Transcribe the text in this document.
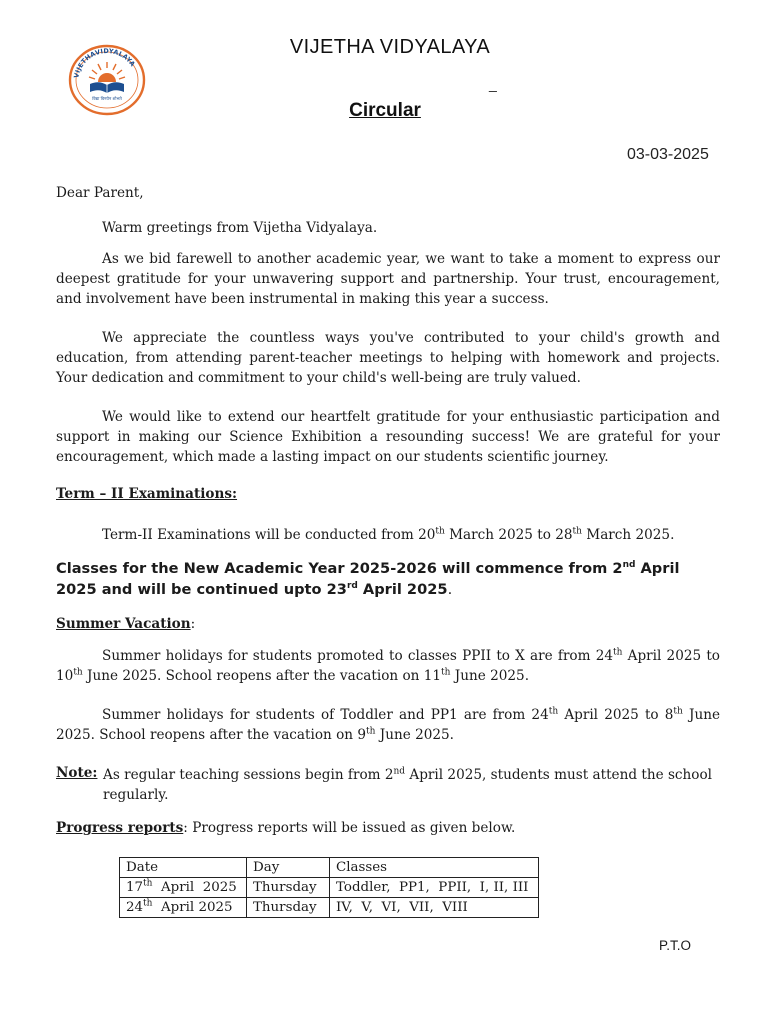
VIJETHAVIDYALAYA
विद्या विनयेन शोभते
VIJETHA VIDYALAYA
_
Circular
03-03-2025
Dear Parent,
Warm greetings from Vijetha Vidyalaya.
As we bid farewell to another academic year, we want to take a moment to express our deepest gratitude for your unwavering support and partnership. Your trust, encouragement, and involvement have been instrumental in making this year a success.
We appreciate the countless ways you've contributed to your child's growth and education, from attending parent-teacher meetings to helping with homework and projects. Your dedication and commitment to your child's well-being are truly valued.
We would like to extend our heartfelt gratitude for your enthusiastic participation and support in making our Science Exhibition a resounding success! We are grateful for your encouragement, which made a lasting impact on our students scientific journey.
Term – II Examinations:
Term-II Examinations will be conducted from 20th March 2025 to 28th March 2025.
Classes for the New Academic Year 2025-2026 will commence from 2nd April 2025 and will be continued upto 23rd April 2025.
Summer Vacation:
Summer holidays for students promoted to classes PPII to X are from 24th April 2025 to 10th June 2025. School reopens after the vacation on 11th June 2025.
Summer holidays for students of Toddler and PP1 are from 24th April 2025 to 8th June 2025. School reopens after the vacation on 9th June 2025.
Note: As regular teaching sessions begin from 2nd April 2025, students must attend the school
regularly.
Progress reports: Progress reports will be issued as given below.
Date	Day	Classes
17th  April  2025	Thursday	Toddler,  PP1,  PPII,  I, II, III
24th  April 2025	Thursday	IV,  V,  VI,  VII,  VIII
P.T.O
